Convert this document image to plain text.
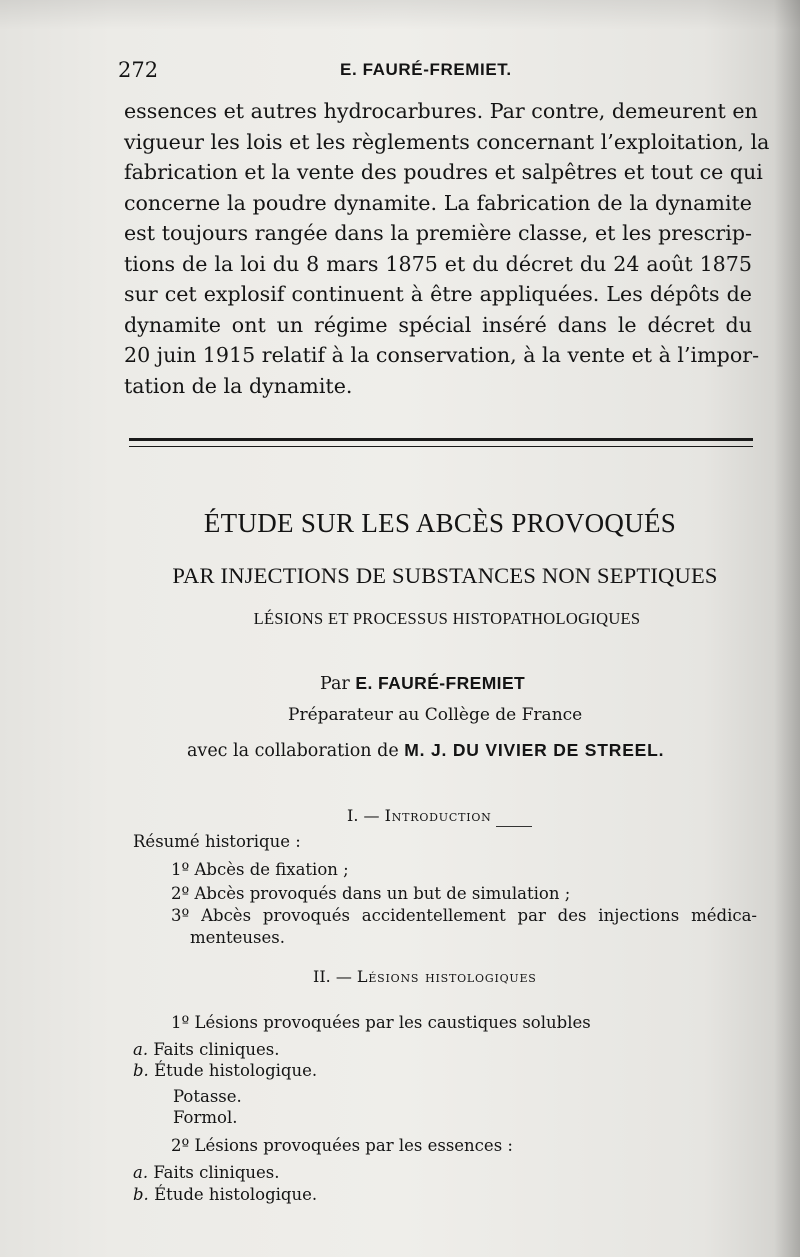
272	E. FAURÉ-FREMIET.
essences et autres hydrocarbures. Par contre, demeurent en
vigueur les lois et les règlements concernant l’exploitation, la
fabrication et la vente des poudres et salpêtres et tout ce qui
concerne la poudre dynamite. La fabrication de la dynamite
est toujours rangée dans la première classe, et les prescrip-
tions de la loi du 8 mars 1875 et du décret du 24 août 1875
sur cet explosif continuent à être appliquées. Les dépôts de
dynamite ont un régime spécial inséré dans le décret du
20 juin 1915 relatif à la conservation, à la vente et à l’impor-
tation de la dynamite.
ÉTUDE SUR LES ABCÈS PROVOQUÉS
PAR INJECTIONS DE SUBSTANCES NON SEPTIQUES
LÉSIONS ET PROCESSUS HISTOPATHOLOGIQUES
Par E. FAURÉ-FREMIET
Préparateur au Collège de France
avec la collaboration de M. J. DU VIVIER DE STREEL.
I. — Introduction
Résumé historique :
1º Abcès de fixation ;
2º Abcès provoqués dans un but de simulation ;
3º Abcès provoqués accidentellement par des injections médica-
menteuses.
II. — Lésions histologiques
1º Lésions provoquées par les caustiques solubles
a. Faits cliniques.
b. Étude histologique.
Potasse.
Formol.
2º Lésions provoquées par les essences :
a. Faits cliniques.
b. Étude histologique.
